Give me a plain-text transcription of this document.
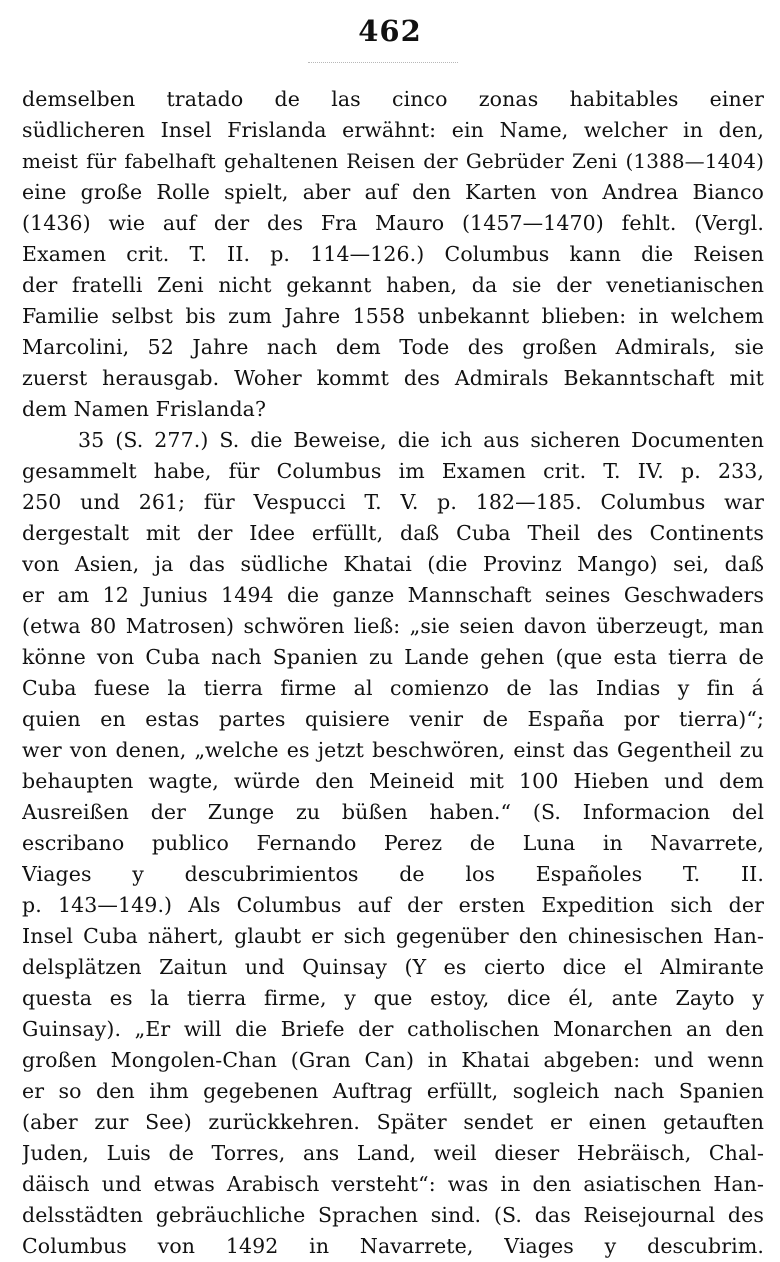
462
demselben tratado de las cinco zonas habitables einer
südlicheren Insel Frislanda erwähnt: ein Name, welcher in den,
meist für fabelhaft gehaltenen Reisen der Gebrüder Zeni (1388—1404)
eine große Rolle spielt, aber auf den Karten von Andrea Bianco
(1436) wie auf der des Fra Mauro (1457—1470) fehlt. (Vergl.
Examen crit. T. II. p. 114—126.) Columbus kann die Reisen
der fratelli Zeni nicht gekannt haben, da sie der venetianischen
Familie selbst bis zum Jahre 1558 unbekannt blieben: in welchem
Marcolini, 52 Jahre nach dem Tode des großen Admirals, sie
zuerst herausgab. Woher kommt des Admirals Bekanntschaft mit
dem Namen Frislanda?
35 (S. 277.) S. die Beweise, die ich aus sicheren Documenten
gesammelt habe, für Columbus im Examen crit. T. IV. p. 233,
250 und 261; für Vespucci T. V. p. 182—185. Columbus war
dergestalt mit der Idee erfüllt, daß Cuba Theil des Continents
von Asien, ja das südliche Khatai (die Provinz Mango) sei, daß
er am 12 Junius 1494 die ganze Mannschaft seines Geschwaders
(etwa 80 Matrosen) schwören ließ: „sie seien davon überzeugt, man
könne von Cuba nach Spanien zu Lande gehen (que esta tierra de
Cuba fuese la tierra firme al comienzo de las Indias y fin á
quien en estas partes quisiere venir de España por tierra)“;
wer von denen, „welche es jetzt beschwören, einst das Gegentheil zu
behaupten wagte, würde den Meineid mit 100 Hieben und dem
Ausreißen der Zunge zu büßen haben.“ (S. Informacion del
escribano publico Fernando Perez de Luna in Navarrete,
Viages y descubrimientos de los Españoles T. II.
p. 143—149.) Als Columbus auf der ersten Expedition sich der
Insel Cuba nähert, glaubt er sich gegenüber den chinesischen Han-
delsplätzen Zaitun und Quinsay (Y es cierto dice el Almirante
questa es la tierra firme, y que estoy, dice él, ante Zayto y
Guinsay). „Er will die Briefe der catholischen Monarchen an den
großen Mongolen-Chan (Gran Can) in Khatai abgeben: und wenn
er so den ihm gegebenen Auftrag erfüllt, sogleich nach Spanien
(aber zur See) zurückkehren. Später sendet er einen getauften
Juden, Luis de Torres, ans Land, weil dieser Hebräisch, Chal-
däisch und etwas Arabisch versteht“: was in den asiatischen Han-
delsstädten gebräuchliche Sprachen sind. (S. das Reisejournal des
Columbus von 1492 in Navarrete, Viages y descubrim.
